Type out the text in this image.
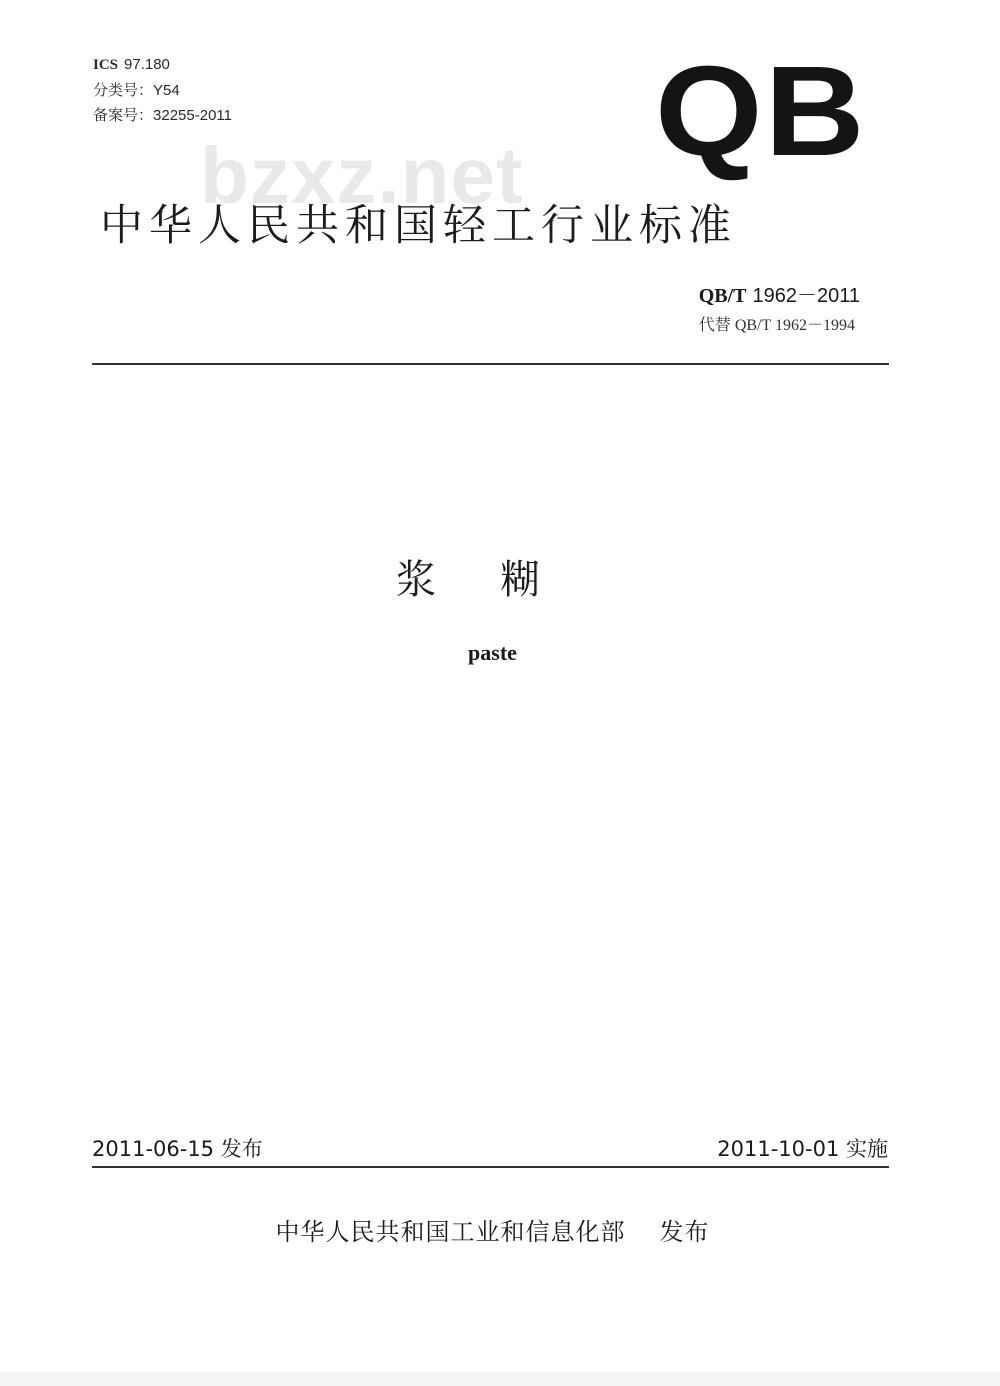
ICS 97.180
分类号：Y54
备案号：32255-2011	QB
bzxz.net
中华人民共和国轻工行业标准
QB/T 1962－2011
代替 QB/T 1962－1994
浆糊
paste
2011-06-15 发布	2011-10-01 实施
中华人民共和国工业和信息化部 发布
